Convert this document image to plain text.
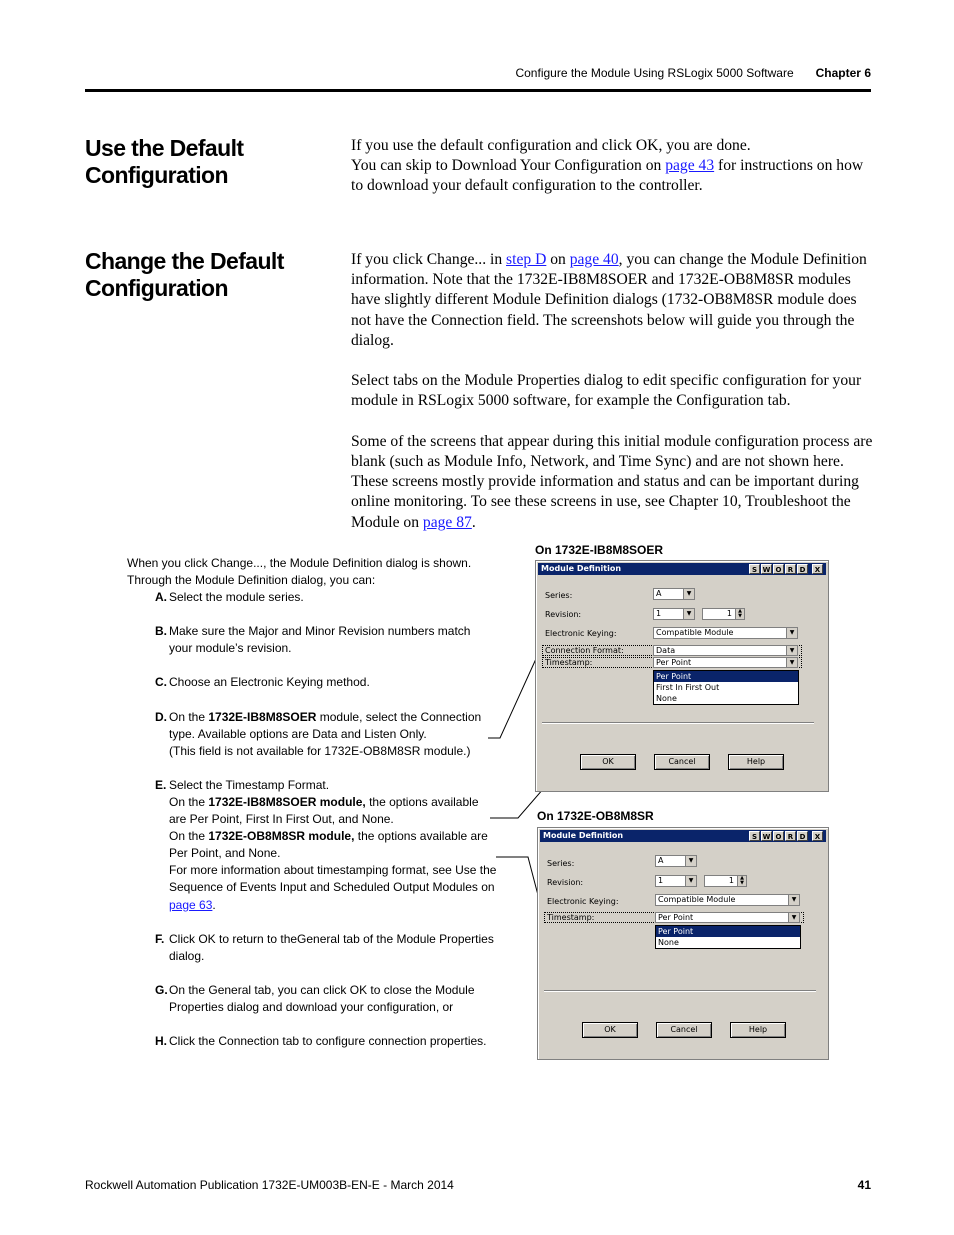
Configure the Module Using RSLogix 5000 Software Chapter 6
Use the Default
Configuration

If you use the default configuration and click OK, you are done.

You can skip to Download Your Configuration on page 43 for instructions on how to download your default configuration to the controller.

Change the Default
Configuration

If you click Change... in step D on page 40, you can change the Module Definition information. Note that the 1732E-IB8M8SOER and 1732E-OB8M8SR modules have slightly different Module Definition dialogs (1732-OB8M8SR module does not have the Connection field. The screenshots below will guide you through the dialog.

Select tabs on the Module Properties dialog to edit specific configuration for your module in RSLogix 5000 software, for example the Configuration tab.

Some of the screens that appear during this initial module configuration process are blank (such as Module Info, Network, and Time Sync) and are not shown here. These screens mostly provide information and status and can be important during online monitoring. To see these screens in use, see Chapter 10, Troubleshoot the Module on page 87.

When you click Change..., the Module Definition dialog is shown. Through the Module Definition dialog, you can:

A. Select the module series.
B. Make sure the Major and Minor Revision numbers match your module’s revision.
C. Choose an Electronic Keying method.
D. On the 1732E-IB8M8SOER module, select the Connection type. Available options are Data and Listen Only.
(This field is not available for 1732E-OB8M8SR module.)
E. Select the Timestamp Format.
On the 1732E-IB8M8SOER module, the options available are Per Point, First In First Out, and None.
On the 1732E-OB8M8SR module, the options available are Per Point, and None.
For more information about timestamping format, see Use the Sequence of Events Input and Scheduled Output Modules on page 63.
F. Click OK to return to theGeneral tab of the Module Properties dialog.
G. On the General tab, you can click OK to close the Module Properties dialog and download your configuration, or
H. Click the Connection tab to configure connection properties.
On 1732E-IB8M8SOER
Module Definition	S W O R D X
Series:	A	▼
Revision:	1	▼	1	▲
▼
Electronic Keying:	Compatible Module	▼
Connection Format:	Data	▼
Timestamp:	Per Point	▼
Per Point
First In First Out
None
OK	Cancel	Help
On 1732E-OB8M8SR
Module Definition	S W O R D X
Series:	A	▼
Revision:	1	▼	1	▲
▼
Electronic Keying:	Compatible Module	▼
Timestamp:	Per Point	▼
Per Point
None
OK	Cancel	Help
Rockwell Automation Publication 1732E-UM003B-EN-E - March 2014	41
